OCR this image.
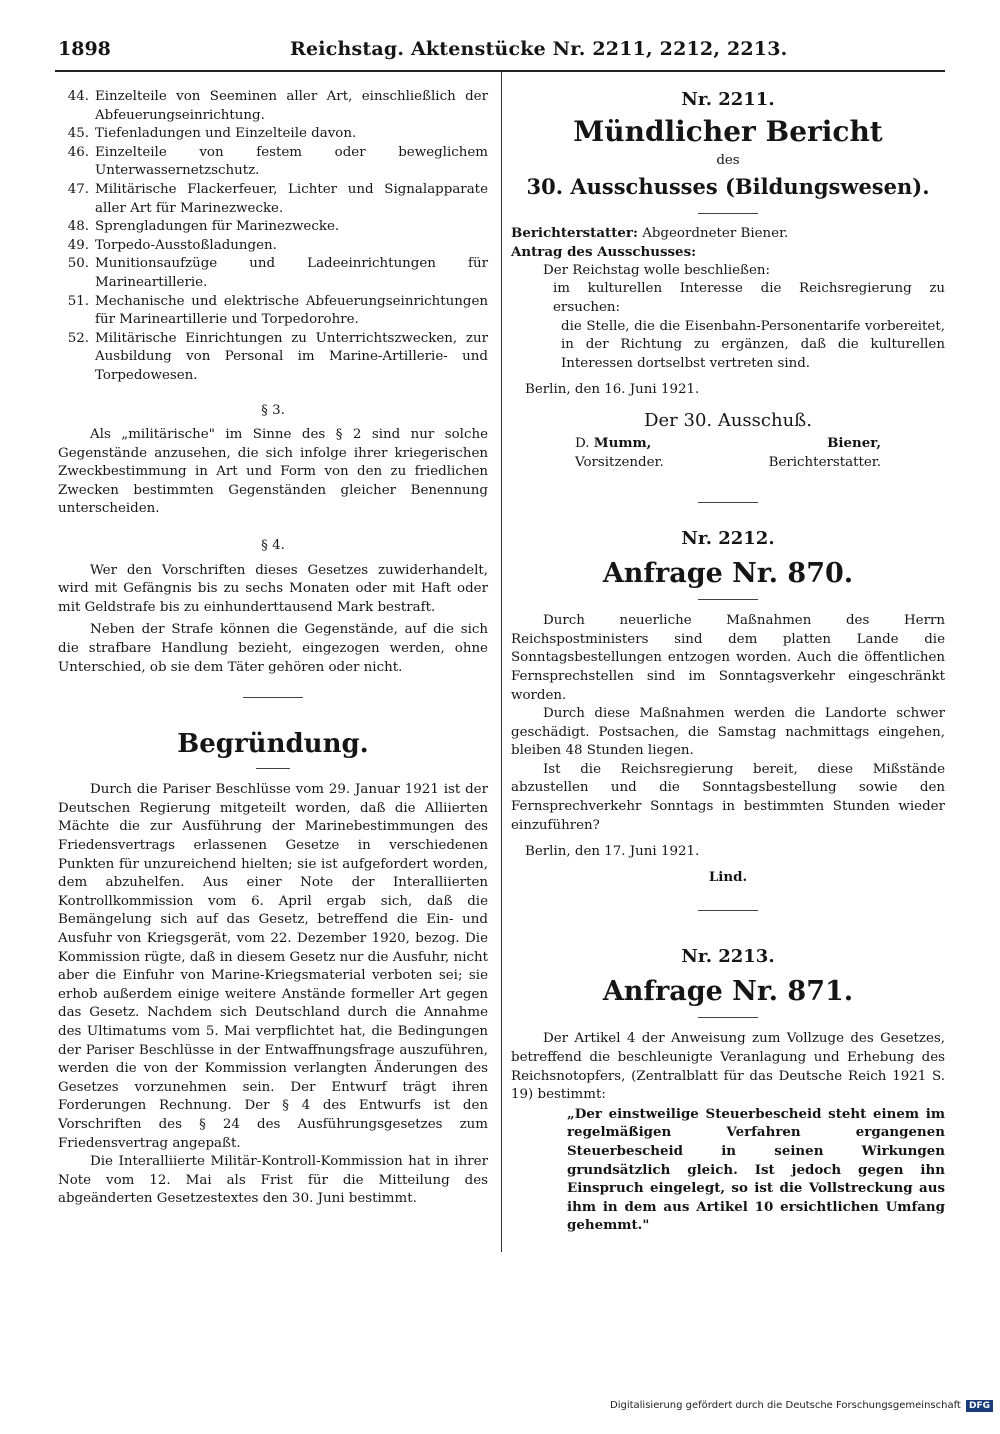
1898	Reichstag. Aktenstücke Nr. 2211, 2212, 2213.
44. Einzelteile von Seeminen aller Art, einschließlich der Abfeuerungseinrichtung.
45. Tiefenladungen und Einzelteile davon.
46. Einzelteile von festem oder beweglichem Unterwassernetzschutz.
47. Militärische Flackerfeuer, Lichter und Signalapparate aller Art für Marinezwecke.
48. Sprengladungen für Marinezwecke.
49. Torpedo-Ausstoßladungen.
50. Munitionsaufzüge und Ladeeinrichtungen für Marineartillerie.
51. Mechanische und elektrische Abfeuerungseinrichtungen für Marineartillerie und Torpedorohre.
52. Militärische Einrichtungen zu Unterrichtszwecken, zur Ausbildung von Personal im Marine-Artillerie- und Torpedowesen.
§ 3.

Als „militärische" im Sinne des § 2 sind nur solche Gegenstände anzusehen, die sich infolge ihrer kriegerischen Zweckbestimmung in Art und Form von den zu friedlichen Zwecken bestimmten Gegenständen gleicher Benennung unterscheiden.

§ 4.

Wer den Vorschriften dieses Gesetzes zuwiderhandelt, wird mit Gefängnis bis zu sechs Monaten oder mit Haft oder mit Geldstrafe bis zu einhunderttausend Mark bestraft.

Neben der Strafe können die Gegenstände, auf die sich die strafbare Handlung bezieht, eingezogen werden, ohne Unterschied, ob sie dem Täter gehören oder nicht.

Begründung.

Durch die Pariser Beschlüsse vom 29. Januar 1921 ist der Deutschen Regierung mitgeteilt worden, daß die Alliierten Mächte die zur Ausführung der Marinebestimmungen des Friedensvertrags erlassenen Gesetze in verschiedenen Punkten für unzureichend hielten; sie ist aufgefordert worden, dem abzuhelfen. Aus einer Note der Interalliierten Kontrollkommission vom 6. April ergab sich, daß die Bemängelung sich auf das Gesetz, betreffend die Ein- und Ausfuhr von Kriegsgerät, vom 22. Dezember 1920, bezog. Die Kommission rügte, daß in diesem Gesetz nur die Ausfuhr, nicht aber die Einfuhr von Marine-Kriegsmaterial verboten sei; sie erhob außerdem einige weitere Anstände formeller Art gegen das Gesetz. Nachdem sich Deutschland durch die Annahme des Ultimatums vom 5. Mai verpflichtet hat, die Bedingungen der Pariser Beschlüsse in der Entwaffnungsfrage auszuführen, werden die von der Kommission verlangten Änderungen des Gesetzes vorzunehmen sein. Der Entwurf trägt ihren Forderungen Rechnung. Der § 4 des Entwurfs ist den Vorschriften des § 24 des Ausführungsgesetzes zum Friedensvertrag angepaßt.

Die Interalliierte Militär-Kontroll-Kommission hat in ihrer Note vom 12. Mai als Frist für die Mitteilung des abgeänderten Gesetzestextes den 30. Juni bestimmt.

Nr. 2211.
Mündlicher Bericht
des
30. Ausschusses (Bildungswesen).

Berichterstatter: Abgeordneter Biener.

Antrag des Ausschusses:

Der Reichstag wolle beschließen:

im kulturellen Interesse die Reichsregierung zu ersuchen:

die Stelle, die die Eisenbahn-Personentarife vorbereitet, in der Richtung zu ergänzen, daß die kulturellen Interessen dortselbst vertreten sind.

Berlin, den 16. Juni 1921.

Der 30. Ausschuß.
D. Mumm,	Biener,
Vorsitzender.	Berichterstatter.
Nr. 2212.
Anfrage Nr. 870.

Durch neuerliche Maßnahmen des Herrn Reichspostministers sind dem platten Lande die Sonntagsbestellungen entzogen worden. Auch die öffentlichen Fernsprechstellen sind im Sonntagsverkehr eingeschränkt worden.

Durch diese Maßnahmen werden die Landorte schwer geschädigt. Postsachen, die Samstag nachmittags eingehen, bleiben 48 Stunden liegen.

Ist die Reichsregierung bereit, diese Mißstände abzustellen und die Sonntagsbestellung sowie den Fernsprechverkehr Sonntags in bestimmten Stunden wieder einzuführen?

Berlin, den 17. Juni 1921.

Lind.

Nr. 2213.
Anfrage Nr. 871.

Der Artikel 4 der Anweisung zum Vollzuge des Gesetzes, betreffend die beschleunigte Veranlagung und Erhebung des Reichsnotopfers, (Zentralblatt für das Deutsche Reich 1921 S. 19) bestimmt:

„Der einstweilige Steuerbescheid steht einem im regelmäßigen Verfahren ergangenen Steuerbescheid in seinen Wirkungen grundsätzlich gleich. Ist jedoch gegen ihn Einspruch eingelegt, so ist die Vollstreckung aus ihm in dem aus Artikel 10 ersichtlichen Umfang gehemmt."

Digitalisierung gefördert durch die Deutsche Forschungsgemeinschaft DFG
